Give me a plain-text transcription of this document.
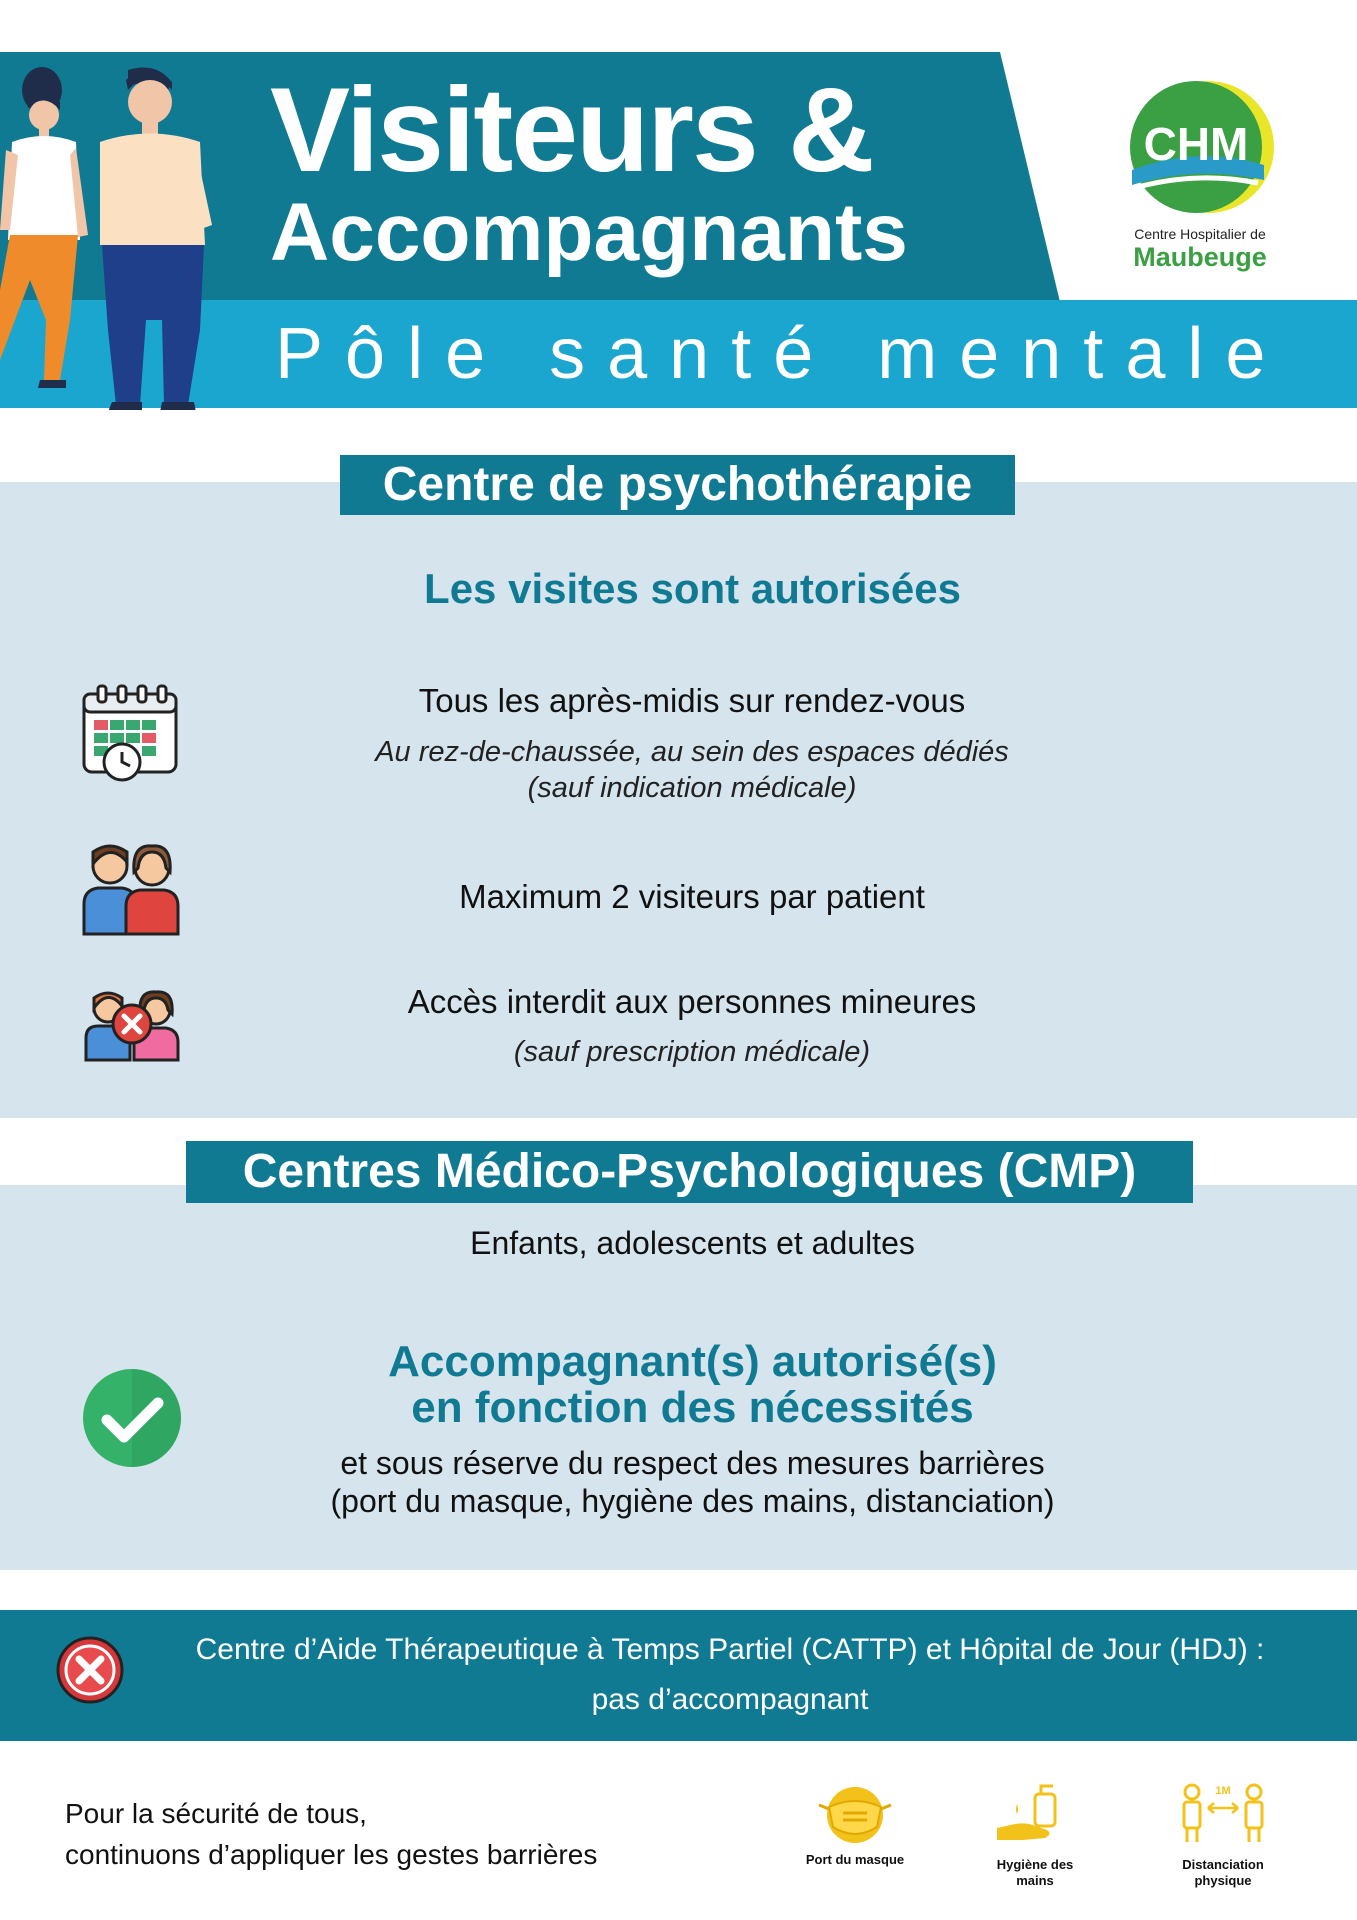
Visiteurs &
Accompagnants
Pôle santé mentale
CHM
Centre Hospitalier de
Maubeuge
Centre de psychothérapie
Les visites sont autorisées
Tous les après-midis sur rendez-vous
Au rez-de-chaussée, au sein des espaces dédiés
(sauf indication médicale)
Maximum 2 visiteurs par patient
Accès interdit aux personnes mineures
(sauf prescription médicale)
Centres Médico-Psychologiques (CMP)
Enfants, adolescents et adultes
Accompagnant(s) autorisé(s)
en fonction des nécessités
et sous réserve du respect des mesures barrières
(port du masque, hygiène des mains, distanciation)
Centre d’Aide Thérapeutique à Temps Partiel (CATTP) et Hôpital de Jour (HDJ) :
pas d’accompagnant
Pour la sécurité de tous,
continuons d’appliquer les gestes barrières	Port du masque	Hygiène des
mains
1M
Distanciation
physique
